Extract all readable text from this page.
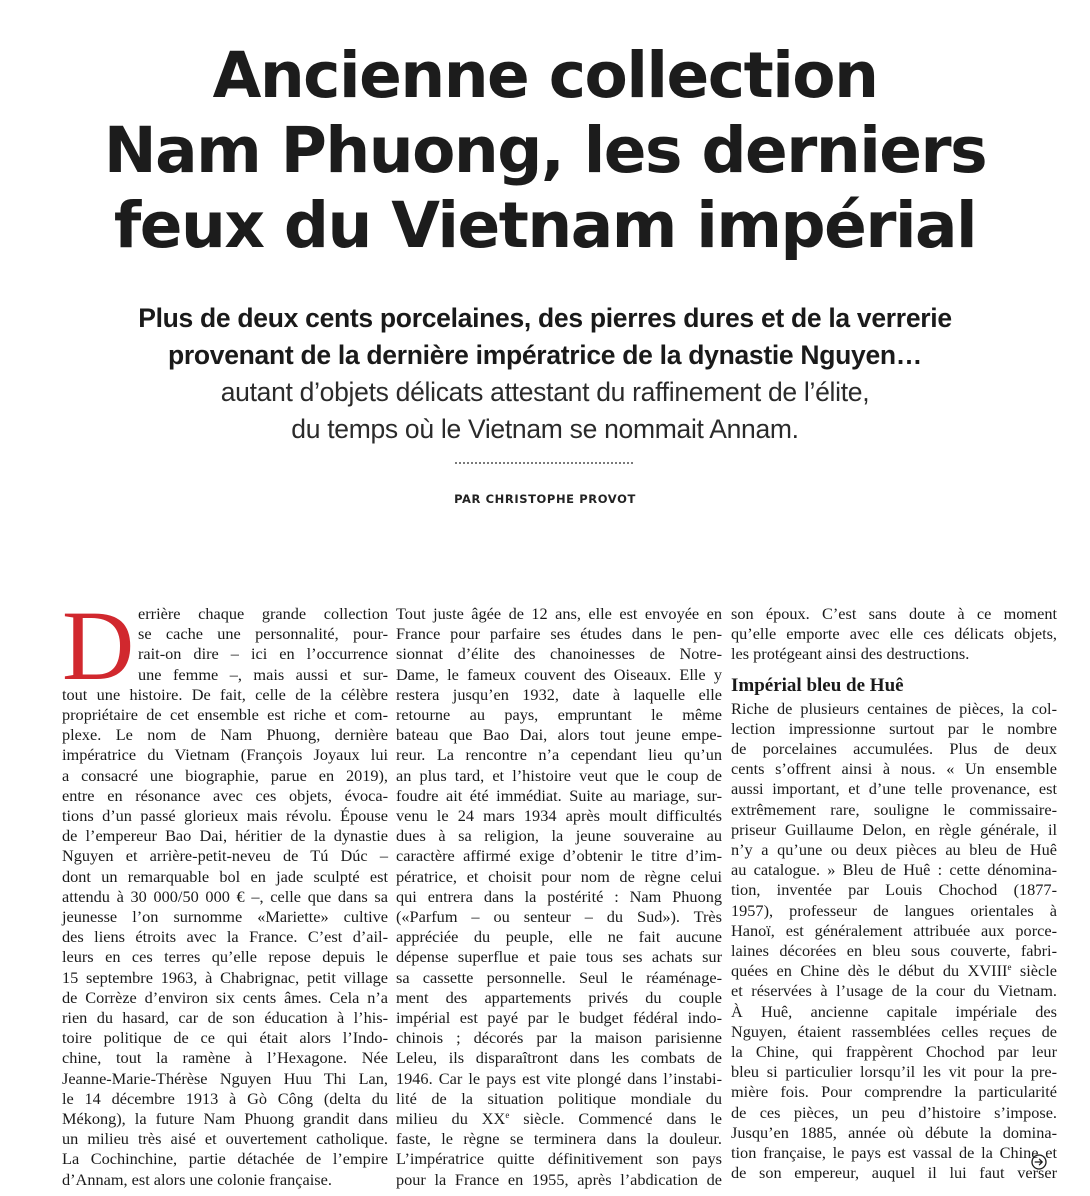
Ancienne collection
Nam Phuong, les derniers
feux du Vietnam impérial
Plus de deux cents porcelaines, des pierres dures et de la verrerie
provenant de la dernière impératrice de la dynastie Nguyen…
autant d’objets délicats attestant du raffinement de l’élite,
du temps où le Vietnam se nommait Annam.
PAR CHRISTOPHE PROVOT
D errière chaque grande collection
se cache une personnalité, pour-
rait-on dire – ici en l’occurrence
une femme –, mais aussi et sur-
tout une histoire. De fait, celle de la célèbre
propriétaire de cet ensemble est riche et com-
plexe. Le nom de Nam Phuong, dernière
impératrice du Vietnam (François Joyaux lui
a consacré une biographie, parue en 2019),
entre en résonance avec ces objets, évoca-
tions d’un passé glorieux mais révolu. Épouse
de l’empereur Bao Dai, héritier de la dynastie
Nguyen et arrière-petit-neveu de Tú Dúc –
dont un remarquable bol en jade sculpté est
attendu à 30 000/50 000 € –, celle que dans sa
jeunesse l’on surnomme «Mariette» cultive
des liens étroits avec la France. C’est d’ail-
leurs en ces terres qu’elle repose depuis le
15 septembre 1963, à Chabrignac, petit village
de Corrèze d’environ six cents âmes. Cela n’a
rien du hasard, car de son éducation à l’his-
toire politique de ce qui était alors l’Indo-
chine, tout la ramène à l’Hexagone. Née
Jeanne-Marie-Thérèse Nguyen Huu Thi Lan,
le 14 décembre 1913 à Gò Công (delta du
Mékong), la future Nam Phuong grandit dans
un milieu très aisé et ouvertement catholique.
La Cochinchine, partie détachée de l’empire
d’Annam, est alors une colonie française.
Tout juste âgée de 12 ans, elle est envoyée en
France pour parfaire ses études dans le pen-
sionnat d’élite des chanoinesses de Notre-
Dame, le fameux couvent des Oiseaux. Elle y
restera jusqu’en 1932, date à laquelle elle
retourne au pays, empruntant le même
bateau que Bao Dai, alors tout jeune empe-
reur. La rencontre n’a cependant lieu qu’un
an plus tard, et l’histoire veut que le coup de
foudre ait été immédiat. Suite au mariage, sur-
venu le 24 mars 1934 après moult difficultés
dues à sa religion, la jeune souveraine au
caractère affirmé exige d’obtenir le titre d’im-
pératrice, et choisit pour nom de règne celui
qui entrera dans la postérité : Nam Phuong
(«Parfum – ou senteur – du Sud»). Très
appréciée du peuple, elle ne fait aucune
dépense superflue et paie tous ses achats sur
sa cassette personnelle. Seul le réaménage-
ment des appartements privés du couple
impérial est payé par le budget fédéral indo-
chinois ; décorés par la maison parisienne
Leleu, ils disparaîtront dans les combats de
1946. Car le pays est vite plongé dans l’instabi-
lité de la situation politique mondiale du
milieu du XXe siècle. Commencé dans le
faste, le règne se terminera dans la douleur.
L’impératrice quitte définitivement son pays
pour la France en 1955, après l’abdication de
son époux. C’est sans doute à ce moment
qu’elle emporte avec elle ces délicats objets,
les protégeant ainsi des destructions.
Impérial bleu de Huê
Riche de plusieurs centaines de pièces, la col-
lection impressionne surtout par le nombre
de porcelaines accumulées. Plus de deux
cents s’offrent ainsi à nous. « Un ensemble
aussi important, et d’une telle provenance, est
extrêmement rare, souligne le commissaire-
priseur Guillaume Delon, en règle générale, il
n’y a qu’une ou deux pièces au bleu de Huê
au catalogue. » Bleu de Huê : cette dénomina-
tion, inventée par Louis Chochod (1877-
1957), professeur de langues orientales à
Hanoï, est généralement attribuée aux porce-
laines décorées en bleu sous couverte, fabri-
quées en Chine dès le début du XVIIIe siècle
et réservées à l’usage de la cour du Vietnam.
À Huê, ancienne capitale impériale des
Nguyen, étaient rassemblées celles reçues de
la Chine, qui frappèrent Chochod par leur
bleu si particulier lorsqu’il les vit pour la pre-
mière fois. Pour comprendre la particularité
de ces pièces, un peu d’histoire s’impose.
Jusqu’en 1885, année où débute la domina-
tion française, le pays est vassal de la Chine et
de son empereur, auquel il lui faut verser
